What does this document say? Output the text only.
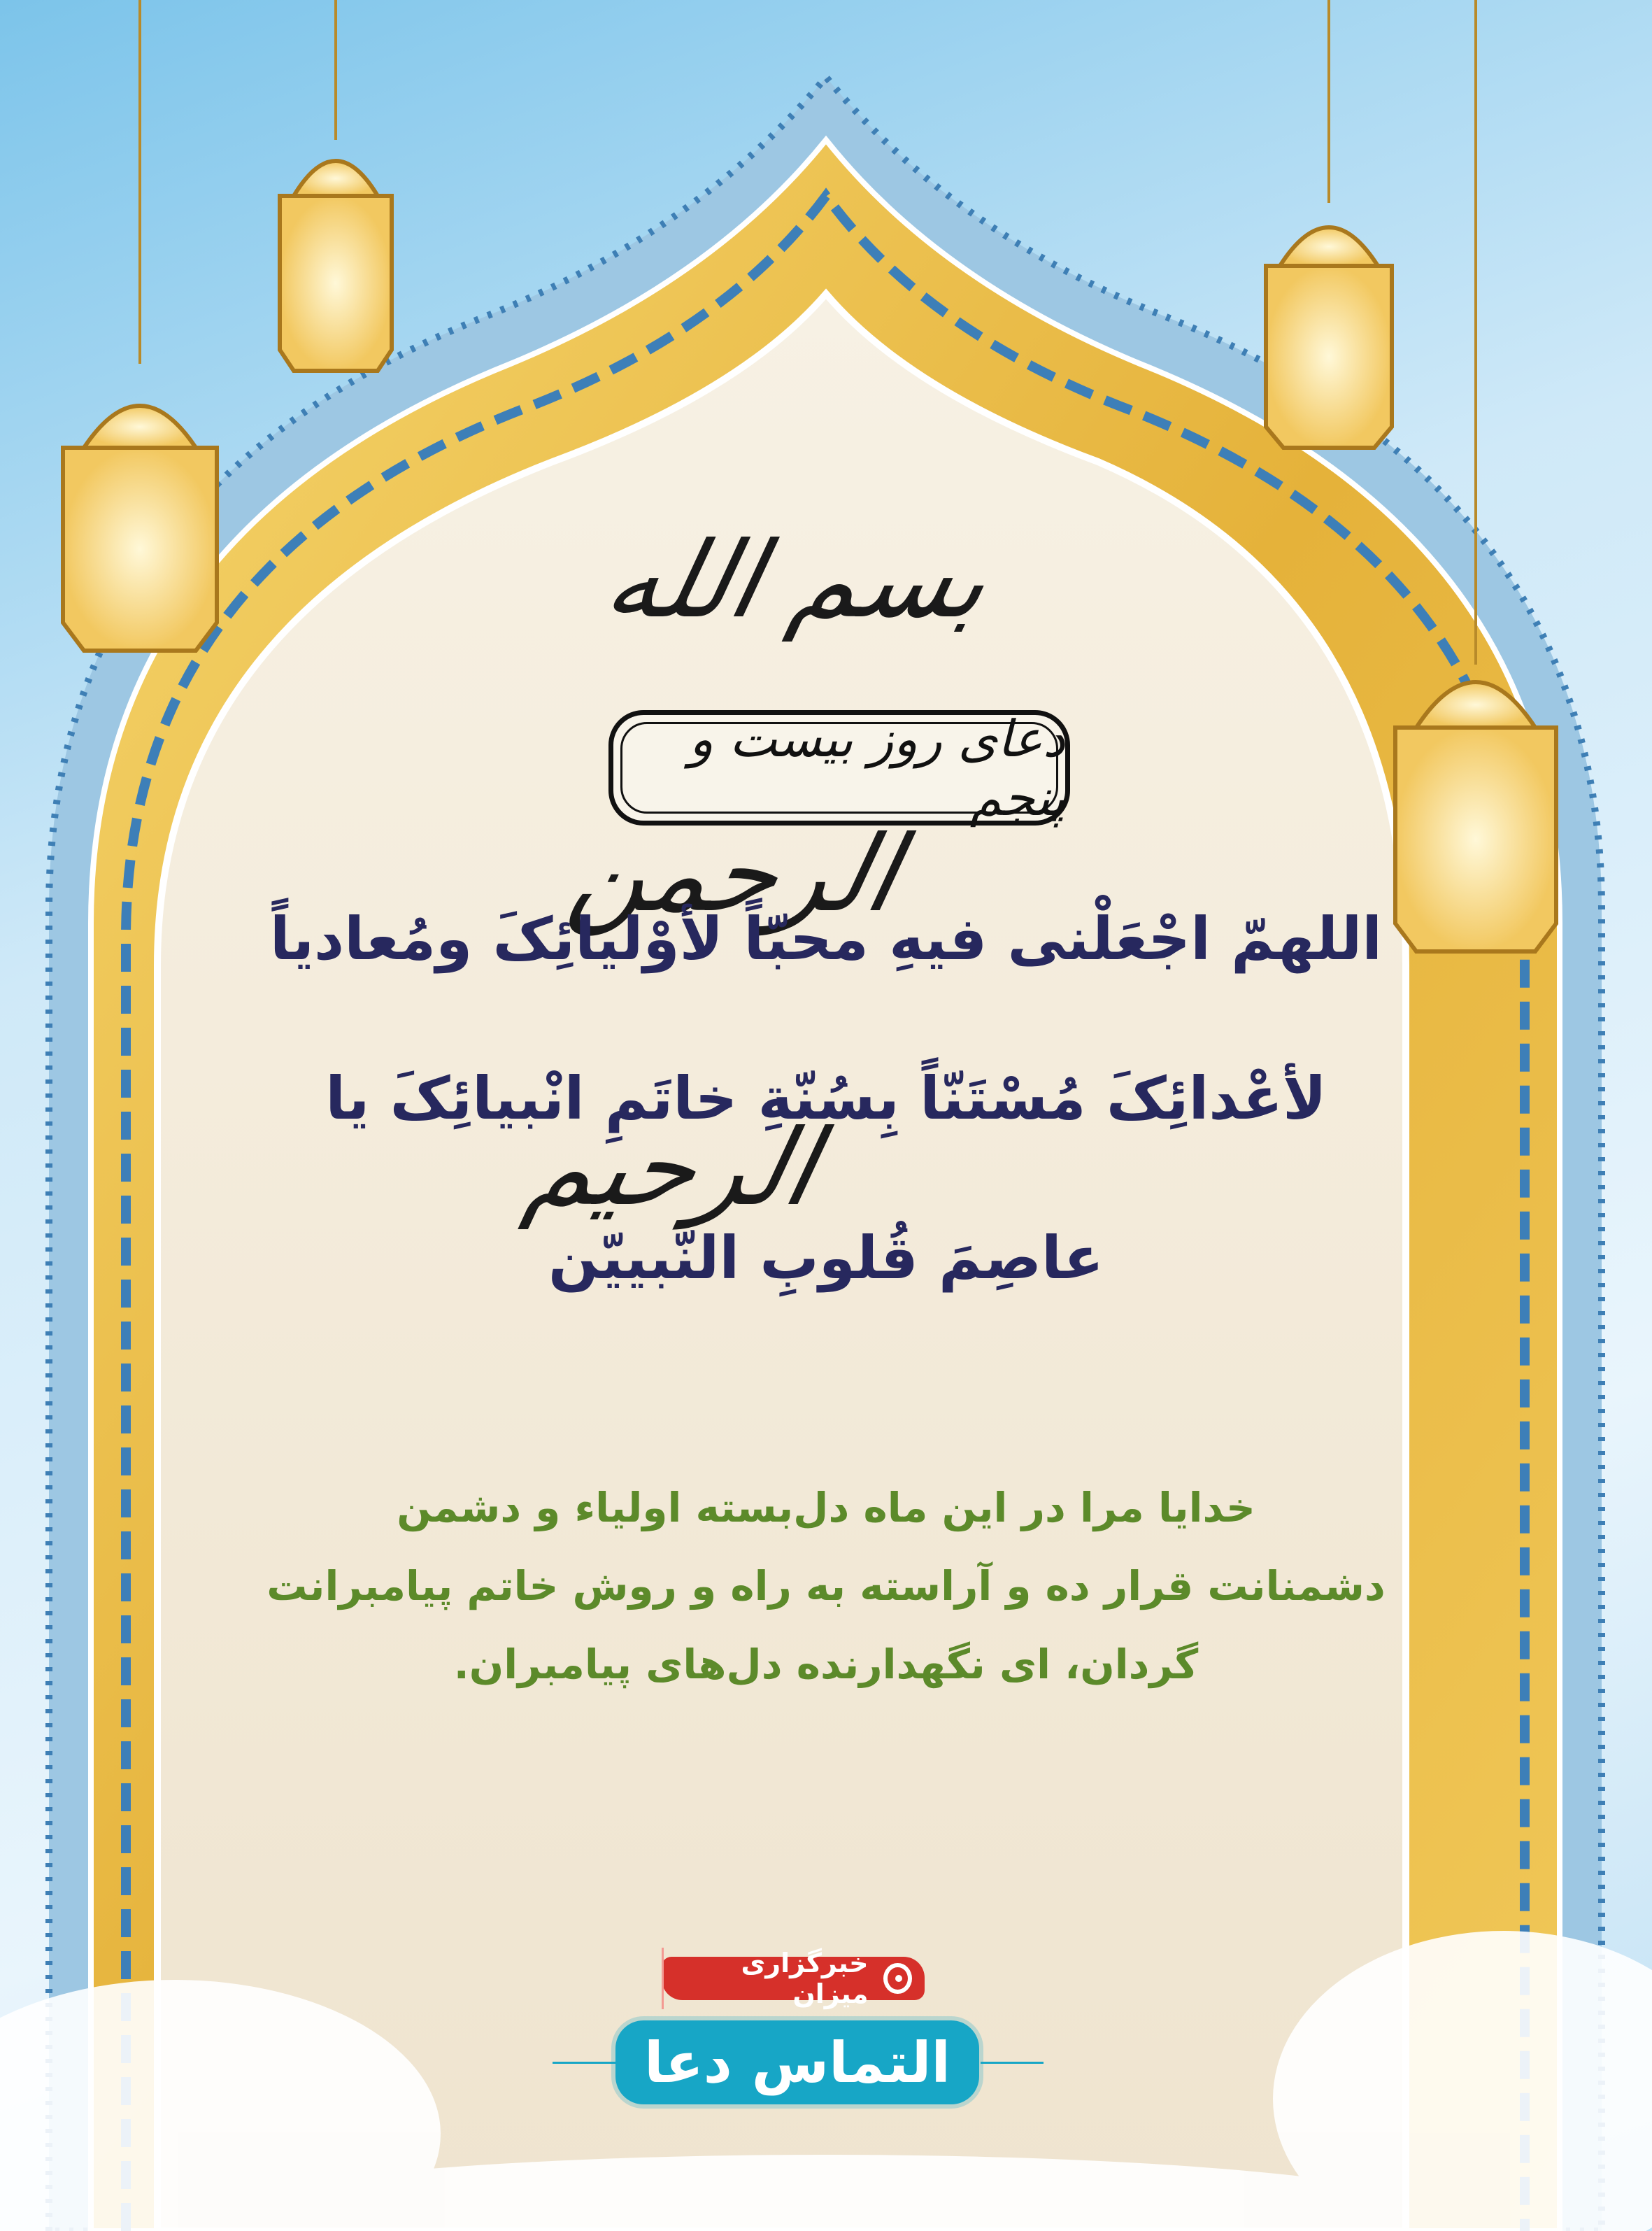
بسم الله الرحمن الرحیم
دعای روز بیست و پنجم
اللهمّ اجْعَلْنی فیهِ محبّاً لأوْلیائِکَ ومُعادیاً
لأعْدائِکَ مُسْتَنّاً بِسُنّةِ خاتَمِ انْبیائِکَ یا
عاصِمَ قُلوبِ النّبییّن
خدایا مرا در این ماه دل‌بسته اولیاء و دشمن
دشمنانت قرار ده و آراسته به راه و روش خاتم پیامبرانت
گردان، ای نگهدارنده دل‌های پیامبران.
خبرگزاری میزان
التماس دعا
